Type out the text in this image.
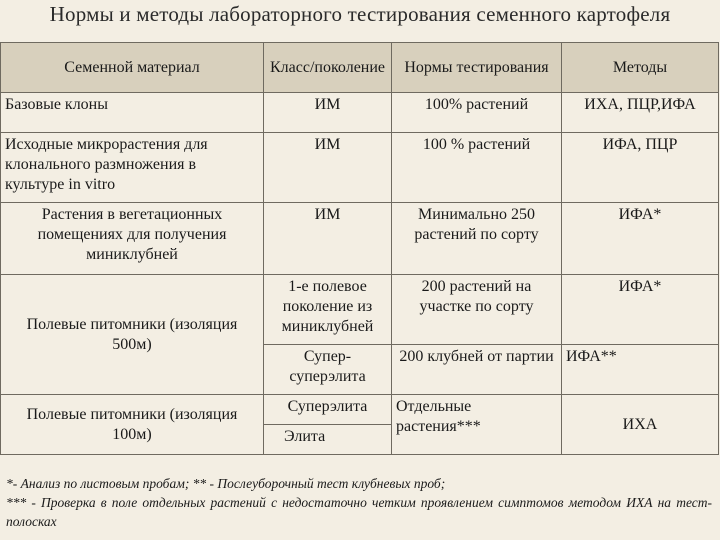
Нормы и методы лабораторного тестирования семенного картофеля
Семенной материал	Класс/поколение	Нормы тестирования	Методы
Базовые клоны	ИМ	100% растений	ИХА, ПЦР,ИФА
Исходные микрорастения для клонального размножения в культуре in vitro	ИМ	100 % растений	ИФА, ПЦР
Растения в вегетационных помещениях для получения миниклубней	ИМ	Минимально 250 растений по сорту	ИФА*
Полевые питомники (изоляция 500м)	1-е полевое поколение из миниклубней	200 растений на участке по сорту	ИФА*
	Супер-суперэлита	200 клубней от партии	ИФА**
Полевые питомники (изоляция 100м)	Суперэлита	Отдельные растения***	ИХА
	Элита		
*- Анализ по листовым пробам; ** - Послеуборочный тест клубневых проб;
*** - Проверка в поле отдельных растений с недостаточно четким проявлением симптомов методом ИХА на тест-полосках
